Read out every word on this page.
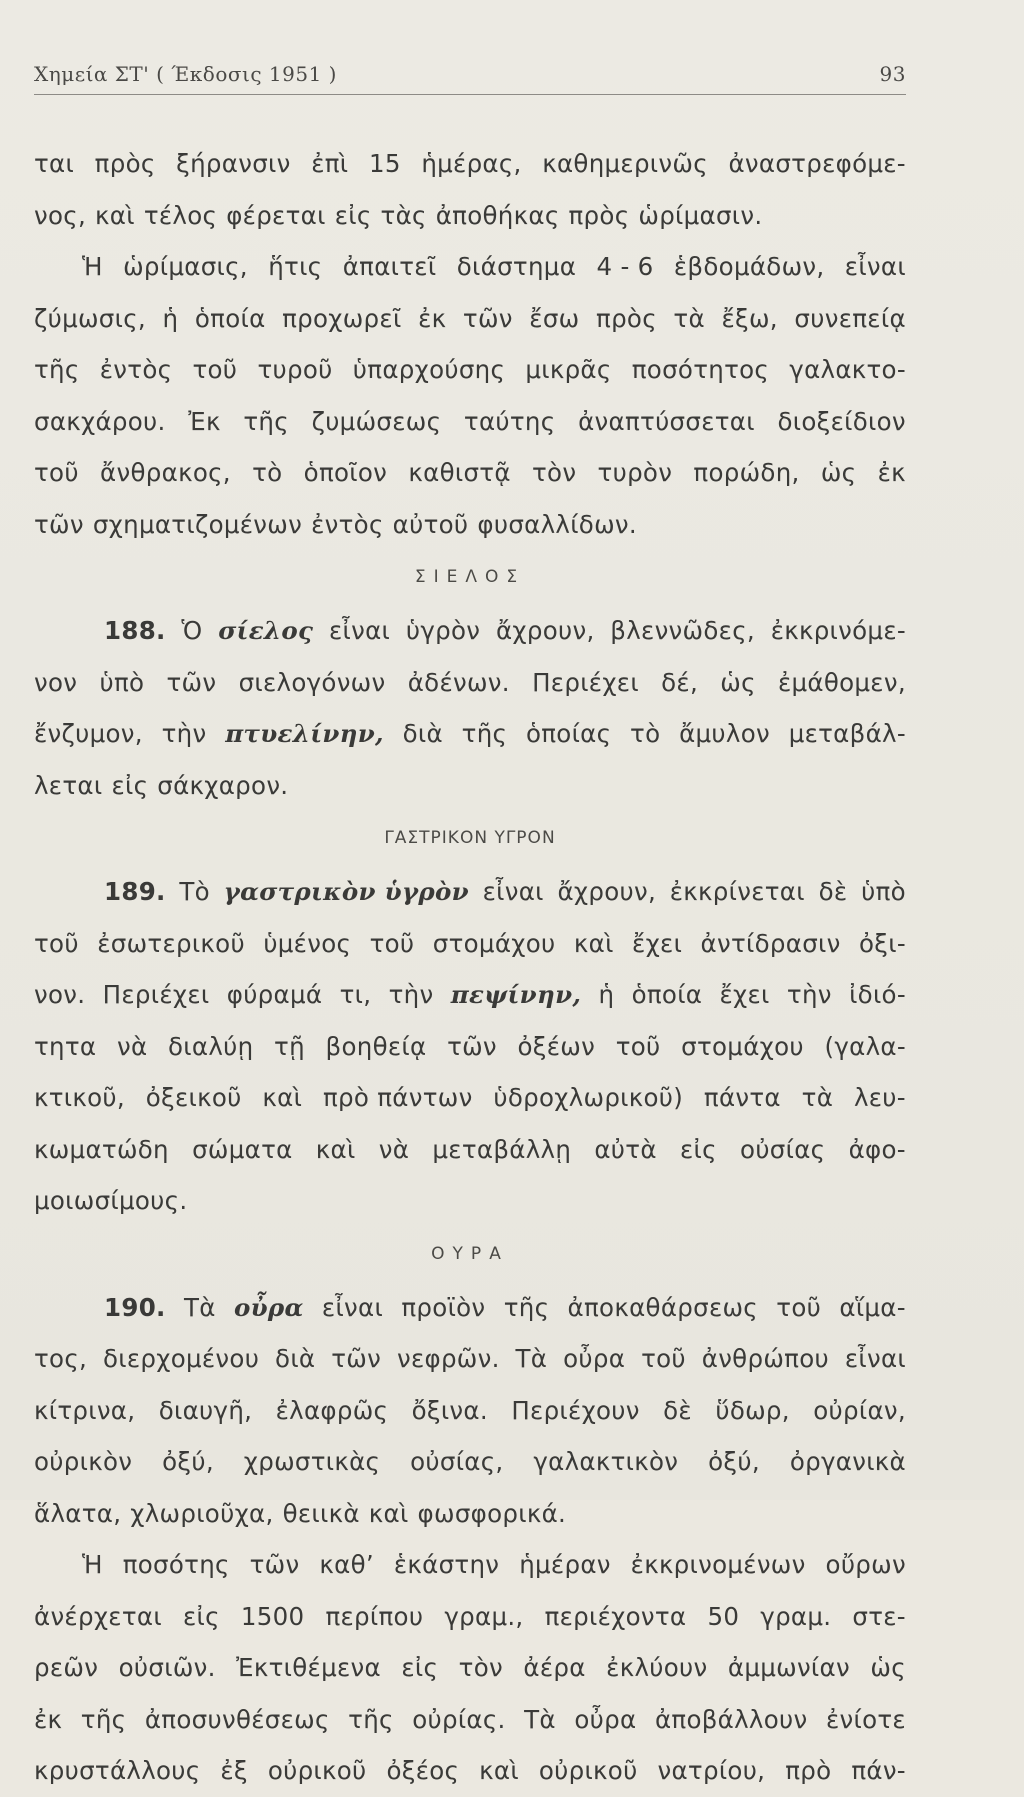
Χημεία ΣΤ' ( Έκδοσις 1951 )	93
ται πρὸς ξήρανσιν ἐπὶ 15 ἡμέρας, καθημερινῶς ἀναστρεφόμε-
νος, καὶ τέλος φέρεται εἰς τὰς ἀποθήκας πρὸς ὡρίμασιν.
Ἡ ὡρίμασις, ἥτις ἀπαιτεῖ διάστημα 4 - 6 ἑβδομάδων, εἶναι
ζύμωσις, ἡ ὁποία προχωρεῖ ἐκ τῶν ἔσω πρὸς τὰ ἔξω, συνεπείᾳ
τῆς ἐντὸς τοῦ τυροῦ ὑπαρχούσης μικρᾶς ποσότητος γαλακτο-
σακχάρου. Ἐκ τῆς ζυμώσεως ταύτης ἀναπτύσσεται διοξείδιον
τοῦ ἄνθρακος, τὸ ὁποῖον καθιστᾷ τὸν τυρὸν πορώδη, ὡς ἐκ
τῶν σχηματιζομένων ἐντὸς αὐτοῦ φυσαλλίδων.
ΣΙΕΛΟΣ
188. Ὁ σίελος εἶναι ὑγρὸν ἄχρουν, βλεννῶδες, ἐκκρινόμε-
νον ὑπὸ τῶν σιελογόνων ἀδένων. Περιέχει δέ, ὡς ἐμάθομεν,
ἔνζυμον, τὴν πτυελίνην, διὰ τῆς ὁποίας τὸ ἄμυλον μεταβάλ-
λεται εἰς σάκχαρον.
ΓΑΣΤΡΙΚΟΝ ΥΓΡΟΝ
189. Τὸ γαστρικὸν ὑγρὸν εἶναι ἄχρουν, ἐκκρίνεται δὲ ὑπὸ
τοῦ ἐσωτερικοῦ ὑμένος τοῦ στομάχου καὶ ἔχει ἀντίδρασιν ὀξι-
νον. Περιέχει φύραμά τι, τὴν πεψίνην, ἡ ὁποία ἔχει τὴν ἰδιό-
τητα νὰ διαλύῃ τῇ βοηθείᾳ τῶν ὀξέων τοῦ στομάχου (γαλα-
κτικοῦ, ὀξεικοῦ καὶ πρὸ πάντων ὑδροχλωρικοῦ) πάντα τὰ λευ-
κωματώδη σώματα καὶ νὰ μεταβάλλῃ αὐτὰ εἰς οὐσίας ἀφο-
μοιωσίμους.
ΟΥΡΑ
190. Τὰ οὖρα εἶναι προϊὸν τῆς ἀποκαθάρσεως τοῦ αἵμα-
τος, διερχομένου διὰ τῶν νεφρῶν. Τὰ οὖρα τοῦ ἀνθρώπου εἶναι
κίτρινα, διαυγῆ, ἐλαφρῶς ὄξινα. Περιέχουν δὲ ὕδωρ, οὐρίαν,
οὐρικὸν ὀξύ, χρωστικὰς οὐσίας, γαλακτικὸν ὀξύ, ὀργανικὰ
ἅλατα, χλωριοῦχα, θειικὰ καὶ φωσφορικά.
Ἡ ποσότης τῶν καθ’ ἑκάστην ἡμέραν ἐκκρινομένων οὔρων
ἀνέρχεται εἰς 1500 περίπου γραμ., περιέχοντα 50 γραμ. στε-
ρεῶν οὐσιῶν. Ἐκτιθέμενα εἰς τὸν ἀέρα ἐκλύουν ἀμμωνίαν ὡς
ἐκ τῆς ἀποσυνθέσεως τῆς οὐρίας. Τὰ οὖρα ἀποβάλλουν ἐνίοτε
κρυστάλλους ἐξ οὐρικοῦ ὀξέος καὶ οὐρικοῦ νατρίου, πρὸ πάν-
